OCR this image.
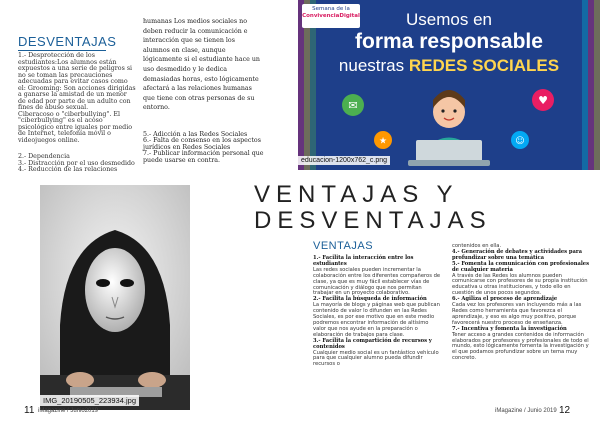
DESVENTAJAS

1.- Desprotección de los estudiantes:Los alumnos están expuestos a una serie de peligros si no se toman las precauciones adecuadas para evitar casos como el: Grooming: Son acciones dirigidas a ganarse la amistad de un menor de edad por parte de un adulto con fines de abuso sexual.

Ciberacoso o "ciberbullying". El "ciberbullying" es el acoso psicológico entre iguales por medio de Internet, telefonía móvil o videojuegos online.

2.- Dependencia

3.- Distracción por el uso desmedido

4.- Reducción de las relaciones

humanas Los medios sociales no deben reducir la comunicación e interacción que se tienen los alumnos en clase, aunque lógicamente si el estudiante hace un uso desmedido y le dedica demasiadas horas, esto lógicamente afectará a las relaciones humanas que tiene con otras personas de su entorno.

5.- Adicción a las Redes Sociales

6.- Falta de consenso en los aspectos jurídicos en Redes Sociales

7.- Publicar información personal que puede usarse en contra.

✉	♥
★	☺
Semana de la
ConvivenciaDigital	Usemos en
forma responsable
nuestras REDES SOCIALES
educacion-1200x762_c.png
VENTAJAS Y
DESVENTAJAS
IMG_20190505_223934.jpg
VENTAJAS

1.- Facilita la interacción entre los estudiantes

Las redes sociales pueden incrementar la colaboración entre los diferentes compañeros de clase, ya que es muy fácil establecer vías de comunicación y diálogo que nos permitan trabajar en un proyecto colaborativo.

2.- Facilita la búsqueda de información

La mayoría de blogs y páginas web que publican contenido de valor lo difunden en las Redes Sociales, es por ese motivo que en este medio podremos encontrar información de altísimo valor que nos ayude en la preparación o elaboración de trabajos para clase.

3.- Facilita la compartición de recursos y contenidos

Cualquier medio social es un fantástico vehículo para que cualquier alumno pueda difundir recursos o

contenidos en ella.

4.- Generación de debates y actividades para profundizar sobre una temática

5.- Fomenta la comunicación con profesionales de cualquier materia

A través de las Redes los alumnos pueden comunicarse con profesores de su propia institución educativa u otras instituciones, y todo ello en cuestión de unos pocos segundos.

6.- Agiliza el proceso de aprendizaje

Cada vez los profesores van incluyendo más a las Redes como herramienta que favorezca el aprendizaje, y eso es algo muy positivo, porque favorecerá nuestro proceso de enseñanza.

7.- Incentiva y fomenta la investigación

Tener acceso a grandes contenidos de información elaborados por profesores y profesionales de todo el mundo, esto lógicamente fomenta la investigación y el que podamos profundizar sobre un tema muy concreto.

11 iMagazine / Junio2019	iMagazine / Junio 2019 12
